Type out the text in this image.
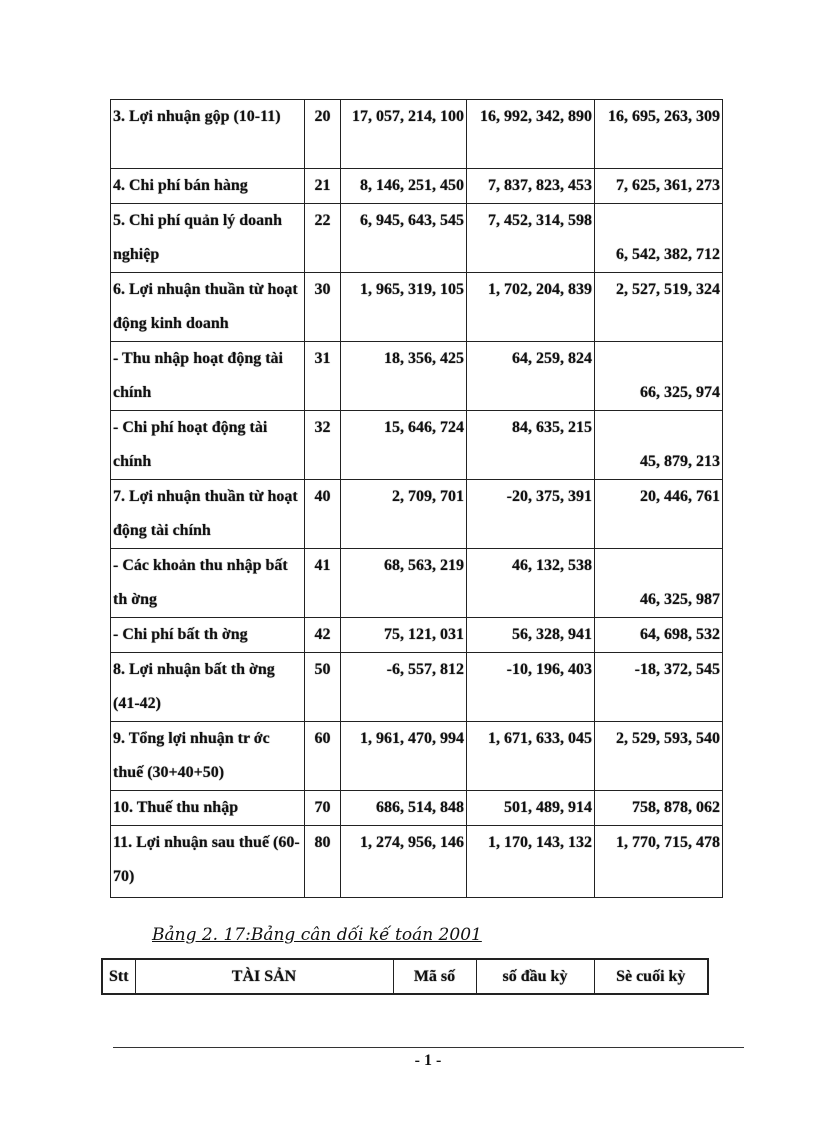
3. Lợi nhuận gộp (10-11)	20	17, 057, 214, 100	16, 992, 342, 890	16, 695, 263, 309
4. Chi phí bán hàng	21	8, 146, 251, 450	7, 837, 823, 453	7, 625, 361, 273
5. Chi phí quản lý doanh nghiệp	22	6, 945, 643, 545	7, 452, 314, 598	6, 542, 382, 712
6. Lợi nhuận thuần từ hoạt động kinh doanh	30	1, 965, 319, 105	1, 702, 204, 839	2, 527, 519, 324
- Thu nhập hoạt động tài chính	31	18, 356, 425	64, 259, 824	66, 325, 974
- Chi phí hoạt động tài chính	32	15, 646, 724	84, 635, 215	45, 879, 213
7. Lợi nhuận thuần từ hoạt động tài chính	40	2, 709, 701	-20, 375, 391	20, 446, 761
- Các khoản thu nhập bất th ờng	41	68, 563, 219	46, 132, 538	46, 325, 987
- Chi phí bất th ờng	42	75, 121, 031	56, 328, 941	64, 698, 532
8. Lợi nhuận bất th ờng (41-42)	50	-6, 557, 812	-10, 196, 403	-18, 372, 545
9. Tổng lợi nhuận tr ớc thuế (30+40+50)	60	1, 961, 470, 994	1, 671, 633, 045	2, 529, 593, 540
10. Thuế thu nhập	70	686, 514, 848	501, 489, 914	758, 878, 062
11. Lợi nhuận sau thuế (60-70)	80	1, 274, 956, 146	1, 170, 143, 132	1, 770, 715, 478
Bảng 2. 17:Bảng cân dối kế toán 2001
Stt	TÀI SẢN	Mã số	số đầu kỳ	Sè cuối kỳ
- 1 -
